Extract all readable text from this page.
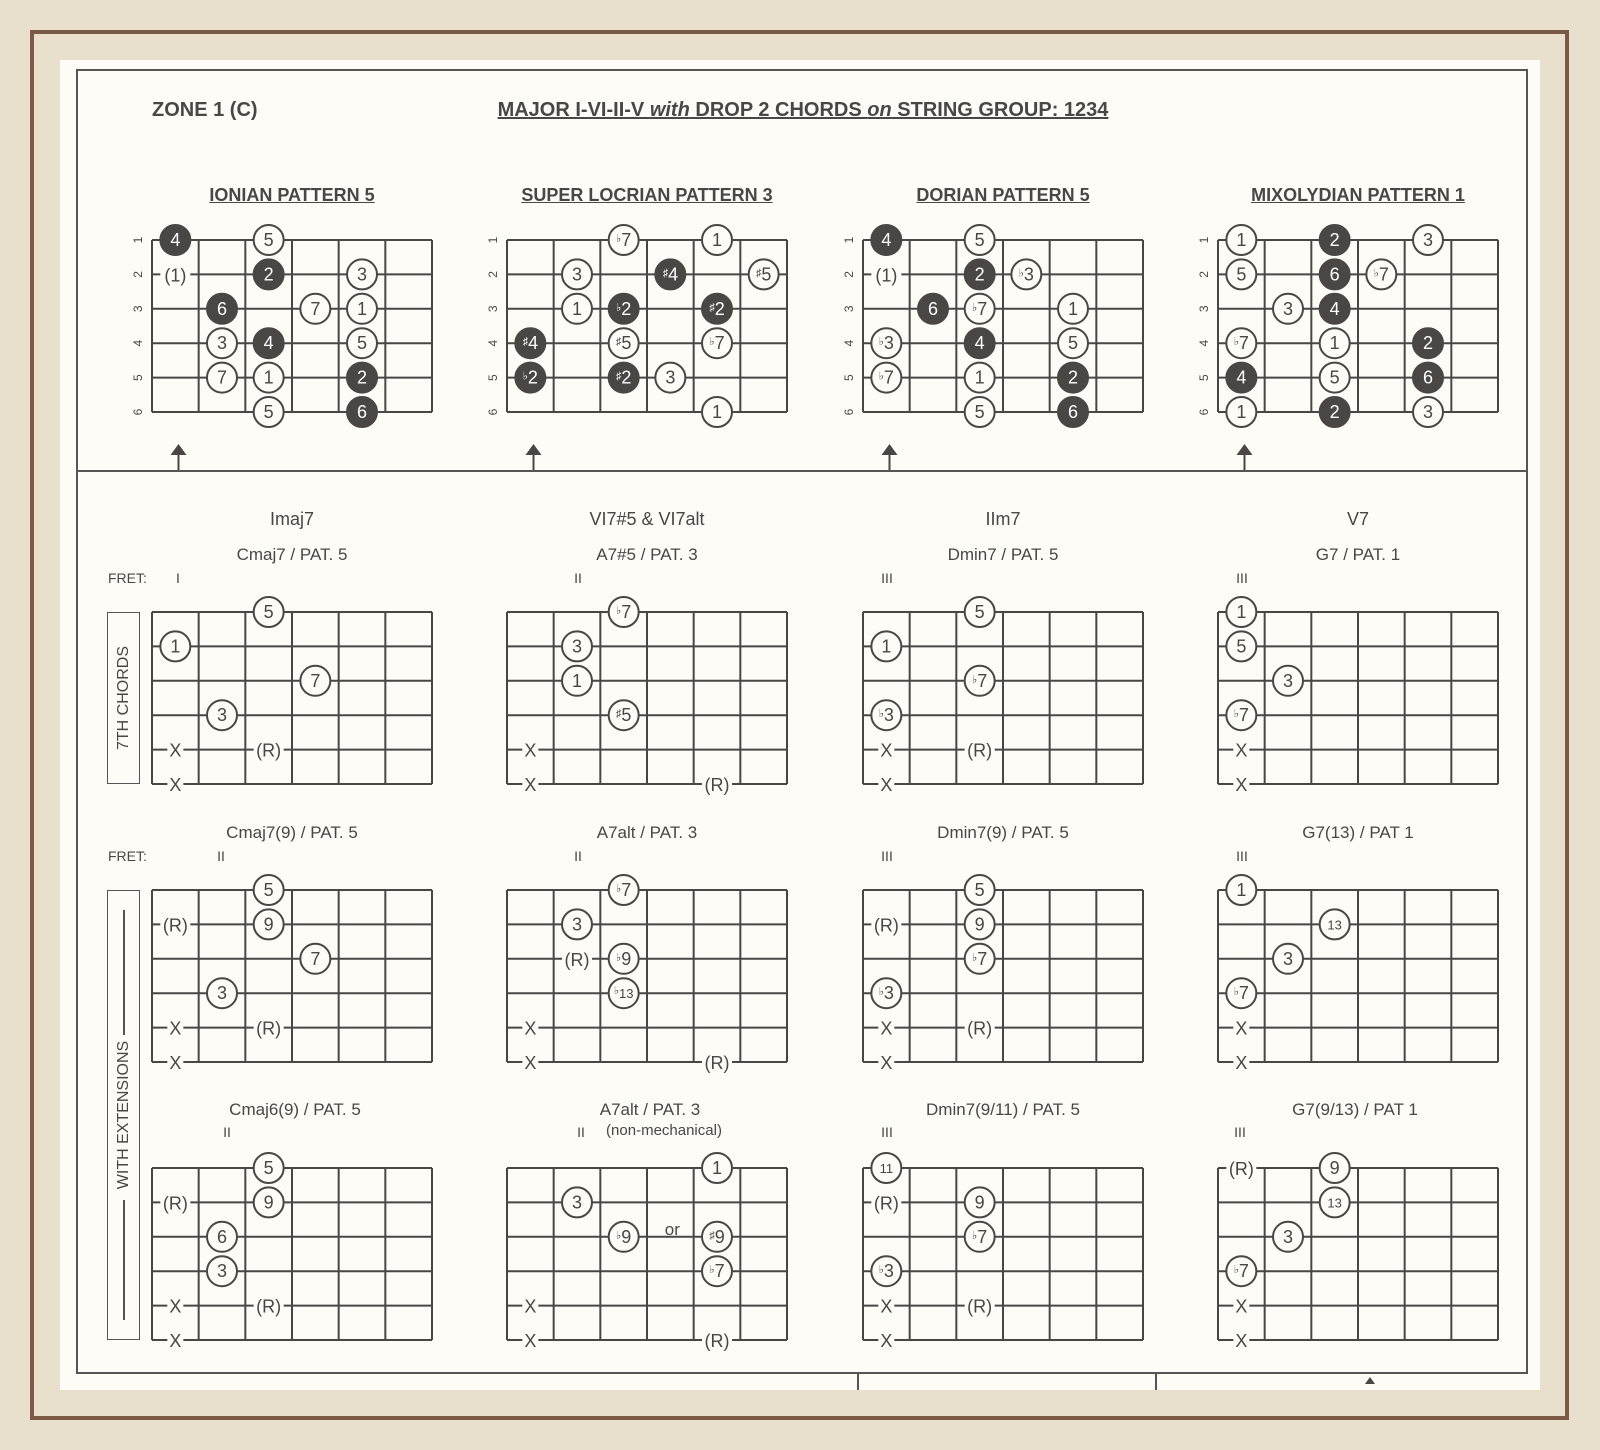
ZONE 1 (C)	MAJOR I-VI-II-V with DROP 2 CHORDS on STRING GROUP: 1234
IONIAN PATTERN 5	SUPER LOCRIAN PATTERN 3	DORIAN PATTERN 5	MIXOLYDIAN PATTERN 1
Imaj7	VI7#5 & VI7alt	IIm7	V7
Cmaj7 / PAT. 5	A7#5 / PAT. 3	Dmin7 / PAT. 5	G7 / PAT. 1
FRET: I	II	III	III
Cmaj7(9) / PAT. 5	A7alt / PAT. 3	Dmin7(9) / PAT. 5	G7(13) / PAT 1
FRET:	II	II	III	III
Cmaj6(9) / PAT. 5	A7alt / PAT. 3	Dmin7(9/11) / PAT. 5	G7(9/13) / PAT 1
II	II (non-mechanical)	III	III
7TH CHORDS
WITH EXTENSIONS
(1)
4	5
2	3
6	7 1
3 4	5
7 1	2
5	6
1
2
3
4
5
6
♭7	1
3	♯4	♯5
1	♭2	♯2
♯4	♯5	♭7
♭2	♯2 3
1
1
2
3
4
5
6
(1)
4	5
2	♭3
6	♭7	1
♭3	4	5
♭7	1	2
5	6
1
2
3
4
5
6
1	2	3
5	6	♭7
3 4
♭7	1	2
4	5	6
1	2	3
1
2
3
4
5
6
X
X
(R)
5
1
7
3
X
X	(R)
♭7
3
1
♯5
X
X
(R)
5
1
♭7
♭3
X
X
1
5
3
♭7
(R)
X
X
(R)
5
9
7
3
(R)
X
X	(R)
♭7
3
♭9
♭13
(R)
X
X
(R)
5
9
♭7
♭3
X
X
1
13
3
♭7
(R)
X
X
(R)
5
9
6
3
X
X	(R)
1
3
♭9	♯9
♭7
(R)
X
X
(R)
11
9
♭7
♭3
(R)
X
X
9
13
3
♭7
or
